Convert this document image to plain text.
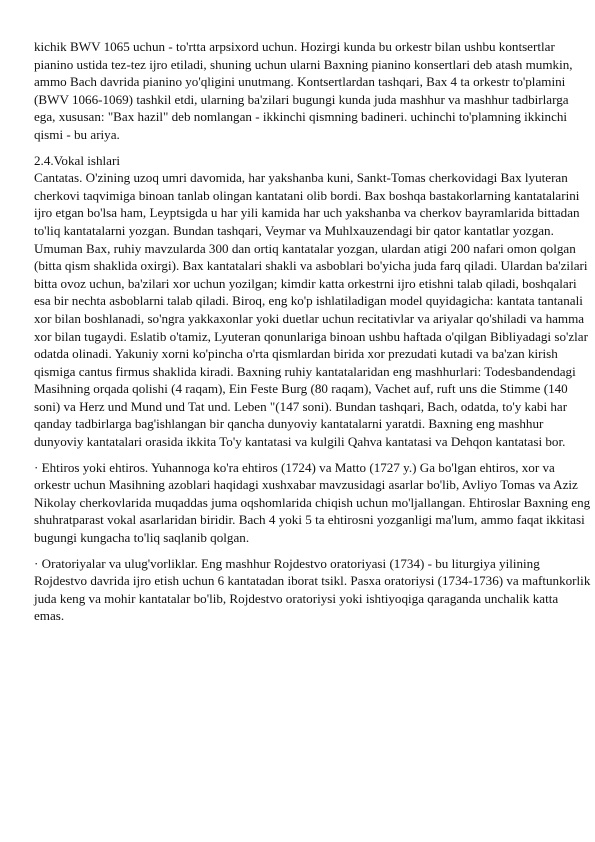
kichik BWV 1065 uchun - to'rtta arpsixord uchun. Hozirgi kunda bu orkestr bilan ushbu kontsertlar pianino ustida tez-tez ijro etiladi, shuning uchun ularni Baxning pianino konsertlari deb atash mumkin, ammo Bach davrida pianino yo'qligini unutmang. Kontsertlardan tashqari, Bax 4 ta orkestr to'plamini (BWV 1066-1069) tashkil etdi, ularning ba'zilari bugungi kunda juda mashhur va mashhur tadbirlarga ega, xususan: "Bax hazil" deb nomlangan - ikkinchi qismning badineri. uchinchi to'plamning ikkinchi qismi - bu ariya.

2.4.Vokal ishlari

Cantatas. O'zining uzoq umri davomida, har yakshanba kuni, Sankt-Tomas cherkovidagi Bax lyuteran cherkovi taqvimiga binoan tanlab olingan kantatani olib bordi. Bax boshqa bastakorlarning kantatalarini ijro etgan bo'lsa ham, Leyptsigda u har yili kamida har uch yakshanba va cherkov bayramlarida bittadan to'liq kantatalarni yozgan. Bundan tashqari, Veymar va Muhlxauzendagi bir qator kantatlar yozgan. Umuman Bax, ruhiy mavzularda 300 dan ortiq kantatalar yozgan, ulardan atigi 200 nafari omon qolgan (bitta qism shaklida oxirgi). Bax kantatalari shakli va asboblari bo'yicha juda farq qiladi. Ulardan ba'zilari bitta ovoz uchun, ba'zilari xor uchun yozilgan; kimdir katta orkestrni ijro etishni talab qiladi, boshqalari esa bir nechta asboblarni talab qiladi. Biroq, eng ko'p ishlatiladigan model quyidagicha: kantata tantanali xor bilan boshlanadi, so'ngra yakkaxonlar yoki duetlar uchun recitativlar va ariyalar qo'shiladi va hamma xor bilan tugaydi. Eslatib o'tamiz, Lyuteran qonunlariga binoan ushbu haftada o'qilgan Bibliyadagi so'zlar odatda olinadi. Yakuniy xorni ko'pincha o'rta qismlardan birida xor prezudati kutadi va ba'zan kirish qismiga cantus firmus shaklida kiradi. Baxning ruhiy kantatalaridan eng mashhurlari: Todesbandendagi Masihning orqada qolishi (4 raqam), Ein Feste Burg (80 raqam), Vachet auf, ruft uns die Stimme (140 soni) va Herz und Mund und Tat und. Leben "(147 soni). Bundan tashqari, Bach, odatda, to'y kabi har qanday tadbirlarga bag'ishlangan bir qancha dunyoviy kantatalarni yaratdi. Baxning eng mashhur dunyoviy kantatalari orasida ikkita To'y kantatasi va kulgili Qahva kantatasi va Dehqon kantatasi bor.

· Ehtiros yoki ehtiros. Yuhannoga ko'ra ehtiros (1724) va Matto (1727 y.) Ga bo'lgan ehtiros, xor va orkestr uchun Masihning azoblari haqidagi xushxabar mavzusidagi asarlar bo'lib, Avliyo Tomas va Aziz Nikolay cherkovlarida muqaddas juma oqshomlarida chiqish uchun mo'ljallangan. Ehtiroslar Baxning eng shuhratparast vokal asarlaridan biridir. Bach 4 yoki 5 ta ehtirosni yozganligi ma'lum, ammo faqat ikkitasi bugungi kungacha to'liq saqlanib qolgan.

· Oratoriyalar va ulug'vorliklar. Eng mashhur Rojdestvo oratoriyasi (1734) - bu liturgiya yilining Rojdestvo davrida ijro etish uchun 6 kantatadan iborat tsikl. Pasxa oratoriysi (1734-1736) va maftunkorlik juda keng va mohir kantatalar bo'lib, Rojdestvo oratoriysi yoki ishtiyoqiga qaraganda unchalik katta emas.
